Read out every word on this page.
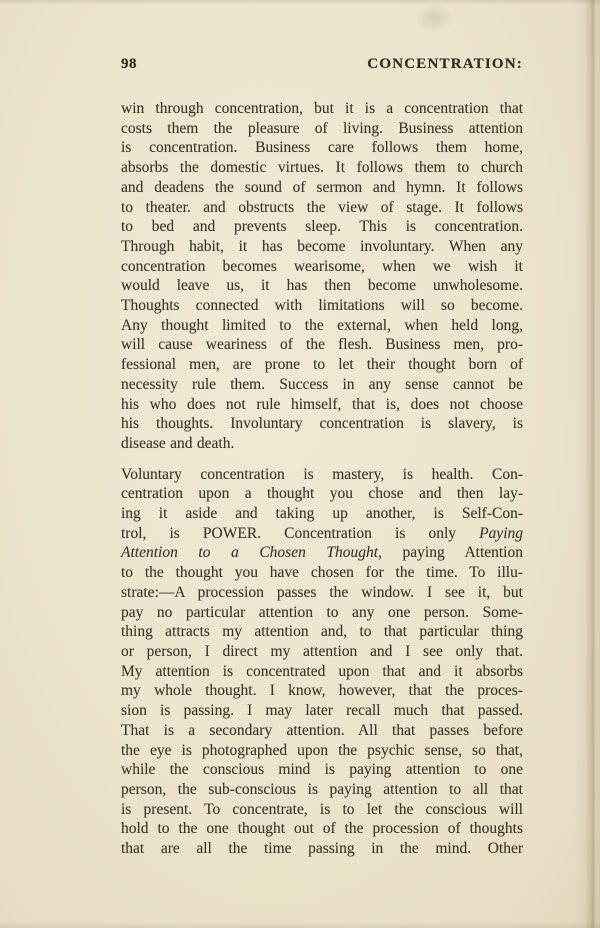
98	CONCENTRATION:
win through concentration, but it is a concentration that
costs them the pleasure of living. Business attention
is concentration. Business care follows them home,
absorbs the domestic virtues. It follows them to church
and deadens the sound of sermon and hymn. It follows
to theater. and obstructs the view of stage. It follows
to bed and prevents sleep. This is concentration.
Through habit, it has become involuntary. When any
concentration becomes wearisome, when we wish it
would leave us, it has then become unwholesome.
Thoughts connected with limitations will so become.
Any thought limited to the external, when held long,
will cause weariness of the flesh. Business men, pro-
fessional men, are prone to let their thought born of
necessity rule them. Success in any sense cannot be
his who does not rule himself, that is, does not choose
his thoughts. Involuntary concentration is slavery, is
disease and death.
Voluntary concentration is mastery, is health. Con-
centration upon a thought you chose and then lay-
ing it aside and taking up another, is Self-Con-
trol, is POWER. Concentration is only Paying
Attention to a Chosen Thought, paying Attention
to the thought you have chosen for the time. To illu-
strate:—A procession passes the window. I see it, but
pay no particular attention to any one person. Some-
thing attracts my attention and, to that particular thing
or person, I direct my attention and I see only that.
My attention is concentrated upon that and it absorbs
my whole thought. I know, however, that the proces-
sion is passing. I may later recall much that passed.
That is a secondary attention. All that passes before
the eye is photographed upon the psychic sense, so that,
while the conscious mind is paying attention to one
person, the sub-conscious is paying attention to all that
is present. To concentrate, is to let the conscious will
hold to the one thought out of the procession of thoughts
that are all the time passing in the mind. Other
